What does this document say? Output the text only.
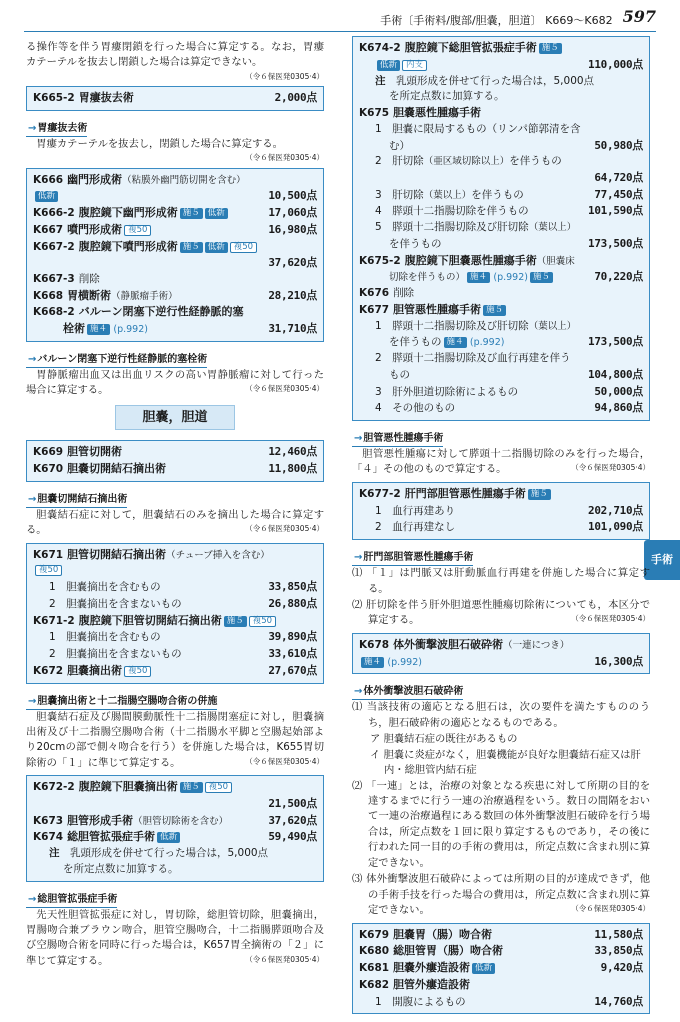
手術〔手術料/腹部/胆嚢，胆道〕 K669～K682 597
手術

る操作等を伴う胃瘻閉鎖を行った場合に算定する。なお，胃瘻カテーテルを抜去し閉鎖した場合は算定できない。
（令６保医発0305·4）

K665-2 胃瘻抜去術	2,000点
→ 胃瘻抜去術

胃瘻カテーテルを抜去し，閉鎖した場合に算定する。
（令６保医発0305·4）

K666 幽門形成術（粘膜外幽門筋切開を含む）
低新	10,500点
K666-2 腹腔鏡下幽門形成術 施５ 低新	17,060点
K667 噴門形成術 複50	16,980点
K667-2 腹腔鏡下噴門形成術 施５ 低新 複50
37,620点
K667-3 削除
K668 胃横断術（静脈瘤手術）	28,210点
K668-2 バルーン閉塞下逆行性経静脈的塞
栓術 施４ (p.992)	31,710点
→ バルーン閉塞下逆行性経静脈的塞栓術

胃静脈瘤出血又は出血リスクの高い胃静脈瘤に対して行った場合に算定する。	（令６保医発0305·4）

胆嚢，胆道
K669 胆管切開術	12,460点
K670 胆嚢切開結石摘出術	11,800点
→ 胆嚢切開結石摘出術

胆嚢結石症に対して，胆嚢結石のみを摘出した場合に算定する。	（令６保医発0305·4）

K671 胆管切開結石摘出術（チューブ挿入を含む）
複50
1　 胆嚢摘出を含むもの	33,850点
2　 胆嚢摘出を含まないもの	26,880点
K671-2 腹腔鏡下胆管切開結石摘出術 施５ 複50
1　 胆嚢摘出を含むもの	39,890点
2　 胆嚢摘出を含まないもの	33,610点
K672 胆嚢摘出術 複50	27,670点
→ 胆嚢摘出術と十二指腸空腸吻合術の併施

胆嚢結石症及び腸間膜動脈性十二指腸閉塞症に対し，胆嚢摘出術及び十二指腸空腸吻合術（十二指腸水平脚と空腸起始部より20cmの部で側々吻合を行う）を併施した場合は，K655胃切除術の「１」に準じて算定する。	（令６保医発0305·4）

K672-2 腹腔鏡下胆嚢摘出術 施５ 複50
21,500点
K673 胆管形成手術（胆管切除術を含む）	37,620点
K674 総胆管拡張症手術 低新	59,490点
注　 乳頭形成を併せて行った場合は，5,000点
を所定点数に加算する。
→ 総胆管拡張症手術

先天性胆管拡張症に対し，胃切除，総胆管切除，胆嚢摘出，胃腸吻合兼ブラウン吻合，胆管空腸吻合，十二指腸膵頭吻合及び空腸吻合術を同時に行った場合は，K657胃全摘術の「２」に準じて算定する。	（令６保医発0305·4）

K674-2 腹腔鏡下総胆管拡張症手術 施５
低新 内支	110,000点
注　 乳頭形成を併せて行った場合は，5,000点
を所定点数に加算する。
K675 胆嚢悪性腫瘍手術
1　 胆嚢に限局するもの（リンパ節郭清を含
む）	50,980点
2　 肝切除（亜区域切除以上）を伴うもの
64,720点
3　 肝切除（葉以上）を伴うもの	77,450点
4　 膵頭十二指腸切除を伴うもの	101,590点
5　 膵頭十二指腸切除及び肝切除（葉以上）
を伴うもの	173,500点
K675-2 腹腔鏡下胆嚢悪性腫瘍手術（胆嚢床
切除を伴うもの） 施４ (p.992) 施５	70,220点
K676 削除
K677 胆管悪性腫瘍手術 施５
1　 膵頭十二指腸切除及び肝切除（葉以上）
を伴うもの 施４ (p.992)	173,500点
2　 膵頭十二指腸切除及び血行再建を伴う
もの	104,800点
3　 肝外胆道切除術によるもの	50,000点
4　 その他のもの	94,860点
→ 胆管悪性腫瘍手術

胆管悪性腫瘍に対して膵頭十二指腸切除のみを行った場合，「４」その他のもので算定する。	（令６保医発0305·4）

K677-2 肝門部胆管悪性腫瘍手術 施５
1　 血行再建あり	202,710点
2　 血行再建なし	101,090点
→ 肝門部胆管悪性腫瘍手術

⑴ 「１」は門脈又は肝動脈血行再建を併施した場合に算定する。

⑵ 肝切除を伴う肝外胆道悪性腫瘍切除術についても，本区分で算定する。	（令６保医発0305·4）

K678 体外衝撃波胆石破砕術（一連につき）
施４ (p.992)	16,300点
→ 体外衝撃波胆石破砕術

⑴ 当該技術の適応となる胆石は，次の要件を満たすもののうち，胆石破砕術の適応となるものである。

ア 胆嚢結石症の既往があるもの

イ 胆嚢に炎症がなく，胆嚢機能が良好な胆嚢結石症又は肝内・総胆管内結石症

⑵ 「一連」とは，治療の対象となる疾患に対して所期の目的を達するまでに行う一連の治療過程をいう。数日の間隔をおいて一連の治療過程にある数回の体外衝撃波胆石破砕を行う場合は，所定点数を１回に限り算定するものであり，その後に行われた同一目的の手術の費用は，所定点数に含まれ別に算定できない。

⑶ 体外衝撃波胆石破砕によっては所期の目的が達成できず，他の手術手技を行った場合の費用は，所定点数に含まれ別に算定できない。	（令６保医発0305·4）

K679 胆嚢胃（腸）吻合術	11,580点
K680 総胆管胃（腸）吻合術	33,850点
K681 胆嚢外瘻造設術 低新	9,420点
K682 胆管外瘻造設術
1　 開腹によるもの	14,760点
